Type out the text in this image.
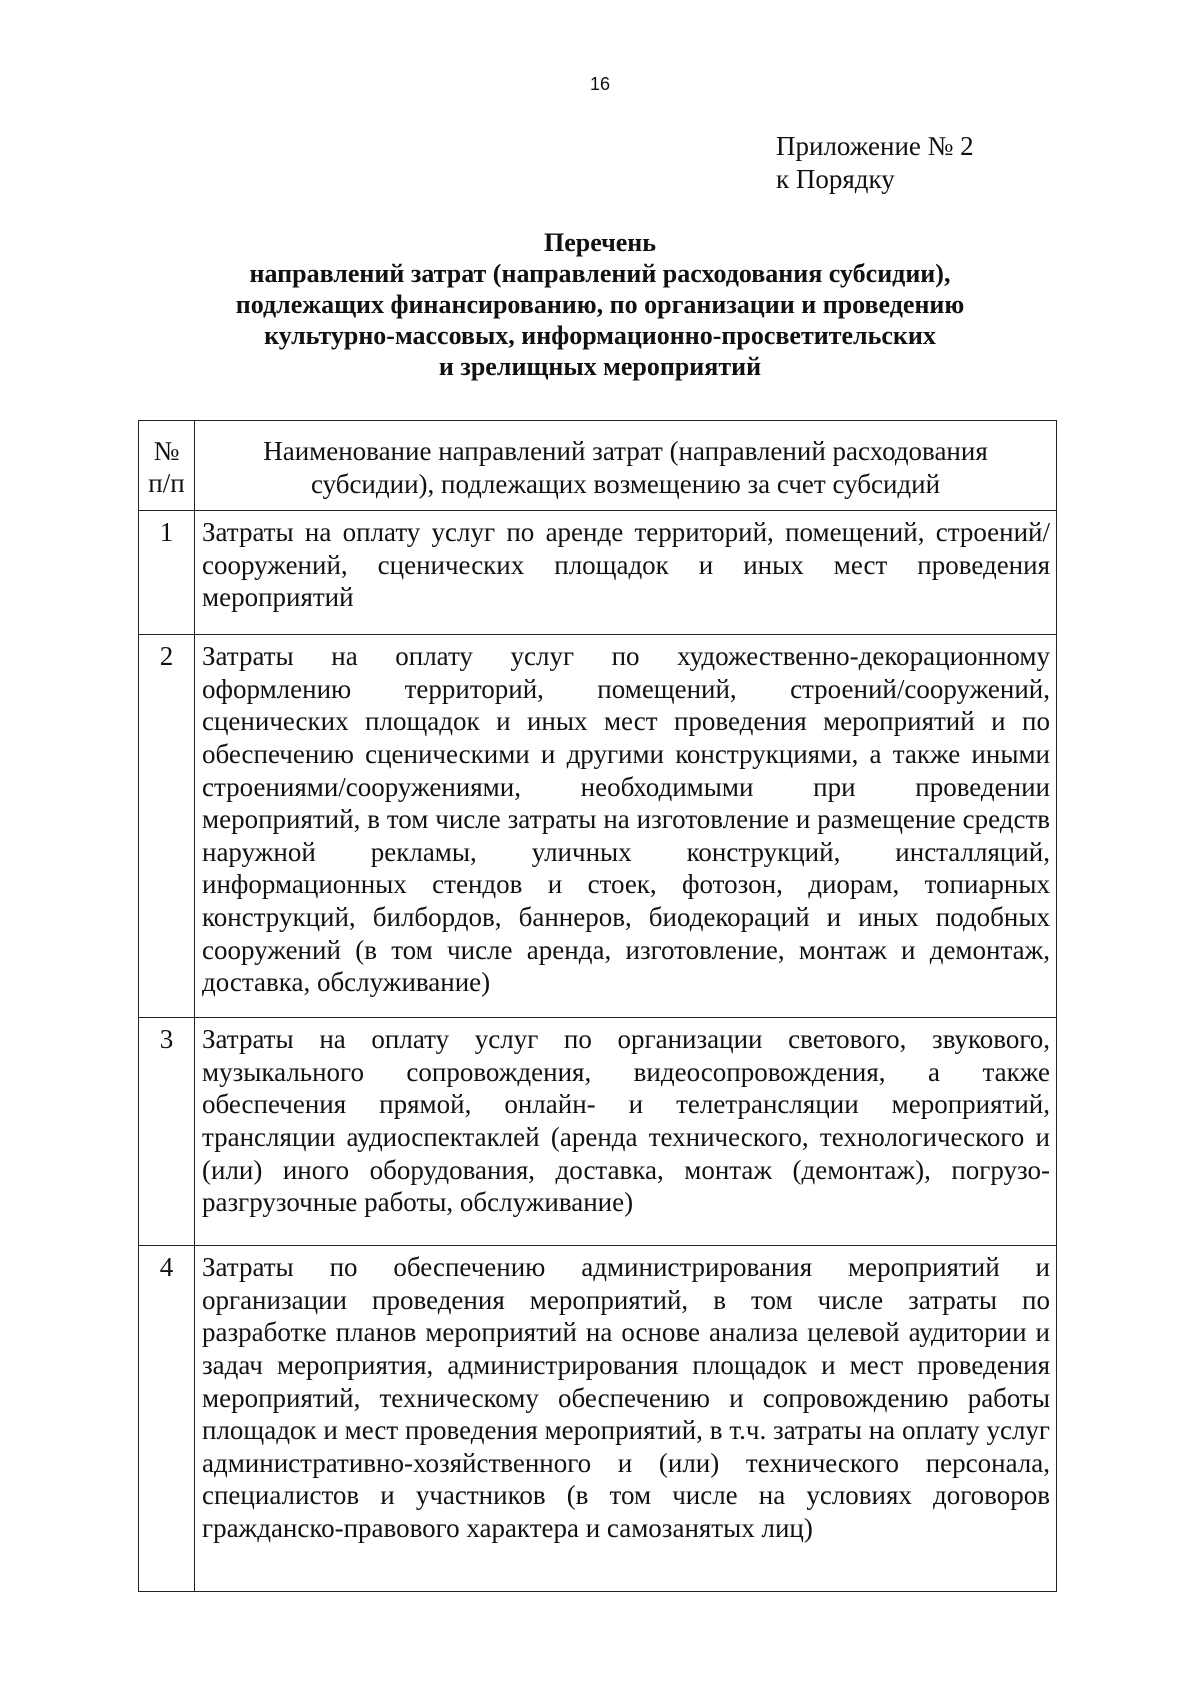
16
Приложение № 2
к Порядку
Перечень
направлений затрат (направлений расходования субсидии),
подлежащих финансированию, по организации и проведению
культурно-массовых, информационно-просветительских
и зрелищных мероприятий
№
п/п	Наименование направлений затрат (направлений расходования субсидии), подлежащих возмещению за счет субсидий
1	Затраты на оплату услуг по аренде территорий, помещений, строений/сооружений, сценических площадок и иных мест проведения мероприятий
2	Затраты на оплату услуг по художественно-декорационному оформлению территорий, помещений, строений/сооружений, сценических площадок и иных мест проведения мероприятий и по обеспечению сценическими и другими конструкциями, а также иными строениями/сооружениями, необходимыми при проведении мероприятий, в том числе затраты на изготовление и размещение средств наружной рекламы, уличных конструкций, инсталляций, информационных стендов и стоек, фотозон, диорам, топиарных конструкций, билбордов, баннеров, биодекораций и иных подобных сооружений (в том числе аренда, изготовление, монтаж и демонтаж, доставка, обслуживание)
3	Затраты на оплату услуг по организации светового, звукового, музыкального сопровождения, видеосопровождения, а также обеспечения прямой, онлайн- и телетрансляции мероприятий, трансляции аудиоспектаклей (аренда технического, технологического и (или) иного оборудования, доставка, монтаж (демонтаж), погрузо-разгрузочные работы, обслуживание)
4	Затраты по обеспечению администрирования мероприятий и организации проведения мероприятий, в том числе затраты по разработке планов мероприятий на основе анализа целевой аудитории и задач мероприятия, администрирования площадок и мест проведения мероприятий, техническому обеспечению и сопровождению работы площадок и мест проведения мероприятий, в т.ч. затраты на оплату услуг административно-хозяйственного и (или) технического персонала, специалистов и участников (в том числе на условиях договоров гражданско-правового характера и самозанятых лиц)
